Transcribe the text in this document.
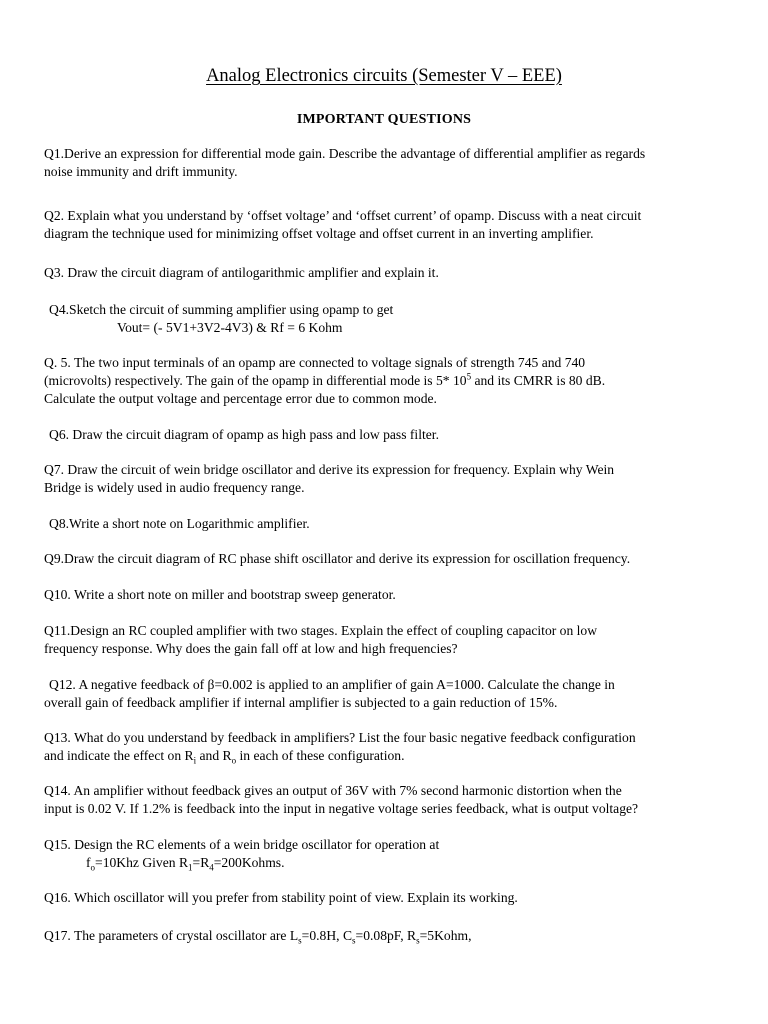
Analog Electronics circuits (Semester V – EEE)
IMPORTANT QUESTIONS
Q1.Derive an expression for differential mode gain. Describe the advantage of differential amplifier as regards
noise immunity and drift immunity.
Q2. Explain what you understand by ‘offset voltage’ and ‘offset current’ of opamp. Discuss with a neat circuit
diagram the technique used for minimizing offset voltage and offset current in an inverting amplifier.
Q3. Draw the circuit diagram of antilogarithmic amplifier and explain it.
Q4.Sketch the circuit of summing amplifier using opamp to get
Vout= (- 5V1+3V2-4V3) & Rf = 6 Kohm
Q. 5. The two input terminals of an opamp are connected to voltage signals of strength 745 and 740
(microvolts) respectively. The gain of the opamp in differential mode is 5* $10^5$ and its CMRR is 80 dB.
Calculate the output voltage and percentage error due to common mode.
Q6. Draw the circuit diagram of opamp as high pass and low pass filter.
Q7. Draw the circuit of wein bridge oscillator and derive its expression for frequency. Explain why Wein
Bridge is widely used in audio frequency range.
Q8.Write a short note on Logarithmic amplifier.
Q9.Draw the circuit diagram of RC phase shift oscillator and derive its expression for oscillation frequency.
Q10. Write a short note on miller and bootstrap sweep generator.
Q11.Design an RC coupled amplifier with two stages. Explain the effect of coupling capacitor on low
frequency response. Why does the gain fall off at low and high frequencies?
Q12. A negative feedback of β=0.002 is applied to an amplifier of gain A=1000. Calculate the change in
overall gain of feedback amplifier if internal amplifier is subjected to a gain reduction of 15%.
Q13. What do you understand by feedback in amplifiers? List the four basic negative feedback configuration
and indicate the effect on $R_i$ and $R_o$ in each of these configuration.
Q14. An amplifier without feedback gives an output of 36V with 7% second harmonic distortion when the
input is 0.02 V. If 1.2% is feedback into the input in negative voltage series feedback, what is output voltage?
Q15. Design the RC elements of a wein bridge oscillator for operation at
$f_o=10Khz$ Given $R_1=R_4=200Kohms$.
Q16. Which oscillator will you prefer from stability point of view. Explain its working.
Q17. The parameters of crystal oscillator are $L_s=0.8H$, $C_s=0.08pF$, $R_s=5Kohm$,
